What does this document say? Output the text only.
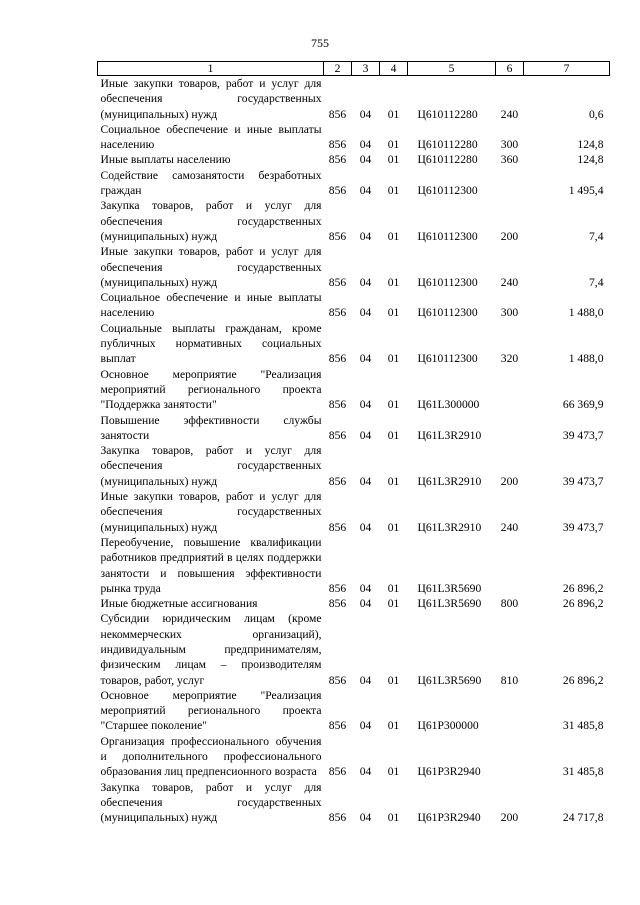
755
1	2	3	4	5	6	7
Иные закупки товаров, работ и услуг для обеспечения государственных (муниципальных) нужд	856	04	01	Ц610112280	240	0,6
Социальное обеспечение и иные выплаты населению	856	04	01	Ц610112280	300	124,8
Иные выплаты населению	856	04	01	Ц610112280	360	124,8
Содействие самозанятости безработных граждан	856	04	01	Ц610112300		1 495,4
Закупка товаров, работ и услуг для обеспечения государственных (муниципальных) нужд	856	04	01	Ц610112300	200	7,4
Иные закупки товаров, работ и услуг для обеспечения государственных (муниципальных) нужд	856	04	01	Ц610112300	240	7,4
Социальное обеспечение и иные выплаты населению	856	04	01	Ц610112300	300	1 488,0
Социальные выплаты гражданам, кроме публичных нормативных социальных выплат	856	04	01	Ц610112300	320	1 488,0
Основное мероприятие "Реализация мероприятий регионального проекта "Поддержка занятости"	856	04	01	Ц61L300000		66 369,9
Повышение эффективности службы занятости	856	04	01	Ц61L3R2910		39 473,7
Закупка товаров, работ и услуг для обеспечения государственных (муниципальных) нужд	856	04	01	Ц61L3R2910	200	39 473,7
Иные закупки товаров, работ и услуг для обеспечения государственных (муниципальных) нужд	856	04	01	Ц61L3R2910	240	39 473,7
Переобучение, повышение квалификации работников предприятий в целях поддержки занятости и повышения эффективности рынка труда	856	04	01	Ц61L3R5690		26 896,2
Иные бюджетные ассигнования	856	04	01	Ц61L3R5690	800	26 896,2
Субсидии юридическим лицам (кроме некоммерческих организаций), индивидуальным предпринимателям, физическим лицам – производителям товаров, работ, услуг	856	04	01	Ц61L3R5690	810	26 896,2
Основное мероприятие "Реализация мероприятий регионального проекта "Старшее поколение"	856	04	01	Ц61P300000		31 485,8
Организация профессионального обучения и дополнительного профессионального образования лиц предпенсионного возраста	856	04	01	Ц61P3R2940		31 485,8
Закупка товаров, работ и услуг для обеспечения государственных (муниципальных) нужд	856	04	01	Ц61P3R2940	200	24 717,8
